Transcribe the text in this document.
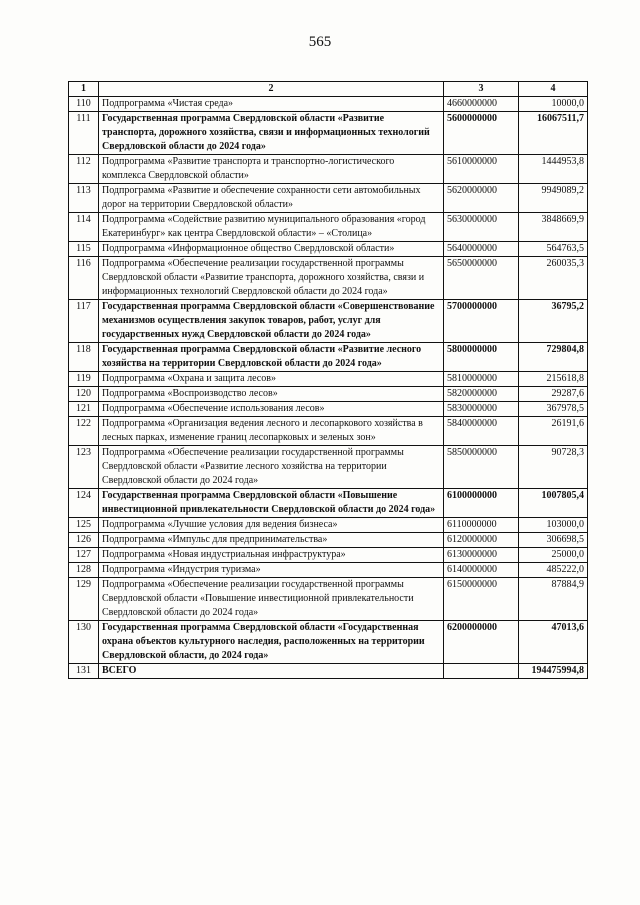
565
1	2	3	4
110	Подпрограмма «Чистая среда»	4660000000	10000,0
111	Государственная программа Свердловской области «Развитие транспорта, дорожного хозяйства, связи и информационных технологий Свердловской области до 2024 года»	5600000000	16067511,7
112	Подпрограмма «Развитие транспорта и транспортно-логистического комплекса Свердловской области»	5610000000	1444953,8
113	Подпрограмма «Развитие и обеспечение сохранности сети автомобильных дорог на территории Свердловской области»	5620000000	9949089,2
114	Подпрограмма «Содействие развитию муниципального образования «город Екатеринбург» как центра Свердловской области» – «Столица»	5630000000	3848669,9
115	Подпрограмма «Информационное общество Свердловской области»	5640000000	564763,5
116	Подпрограмма «Обеспечение реализации государственной программы Свердловской области «Развитие транспорта, дорожного хозяйства, связи и информационных технологий Свердловской области до 2024 года»	5650000000	260035,3
117	Государственная программа Свердловской области «Совершенствование механизмов осуществления закупок товаров, работ, услуг для государственных нужд Свердловской области до 2024 года»	5700000000	36795,2
118	Государственная программа Свердловской области «Развитие лесного хозяйства на территории Свердловской области до 2024 года»	5800000000	729804,8
119	Подпрограмма «Охрана и защита лесов»	5810000000	215618,8
120	Подпрограмма «Воспроизводство лесов»	5820000000	29287,6
121	Подпрограмма «Обеспечение использования лесов»	5830000000	367978,5
122	Подпрограмма «Организация ведения лесного и лесопаркового хозяйства в лесных парках, изменение границ лесопарковых и зеленых зон»	5840000000	26191,6
123	Подпрограмма «Обеспечение реализации государственной программы Свердловской области «Развитие лесного хозяйства на территории Свердловской области до 2024 года»	5850000000	90728,3
124	Государственная программа Свердловской области «Повышение инвестиционной привлекательности Свердловской области до 2024 года»	6100000000	1007805,4
125	Подпрограмма «Лучшие условия для ведения бизнеса»	6110000000	103000,0
126	Подпрограмма «Импульс для предпринимательства»	6120000000	306698,5
127	Подпрограмма «Новая индустриальная инфраструктура»	6130000000	25000,0
128	Подпрограмма «Индустрия туризма»	6140000000	485222,0
129	Подпрограмма «Обеспечение реализации государственной программы Свердловской области «Повышение инвестиционной привлекательности Свердловской области до 2024 года»	6150000000	87884,9
130	Государственная программа Свердловской области «Государственная охрана объектов культурного наследия, расположенных на территории Свердловской области, до 2024 года»	6200000000	47013,6
131	ВСЕГО		194475994,8
